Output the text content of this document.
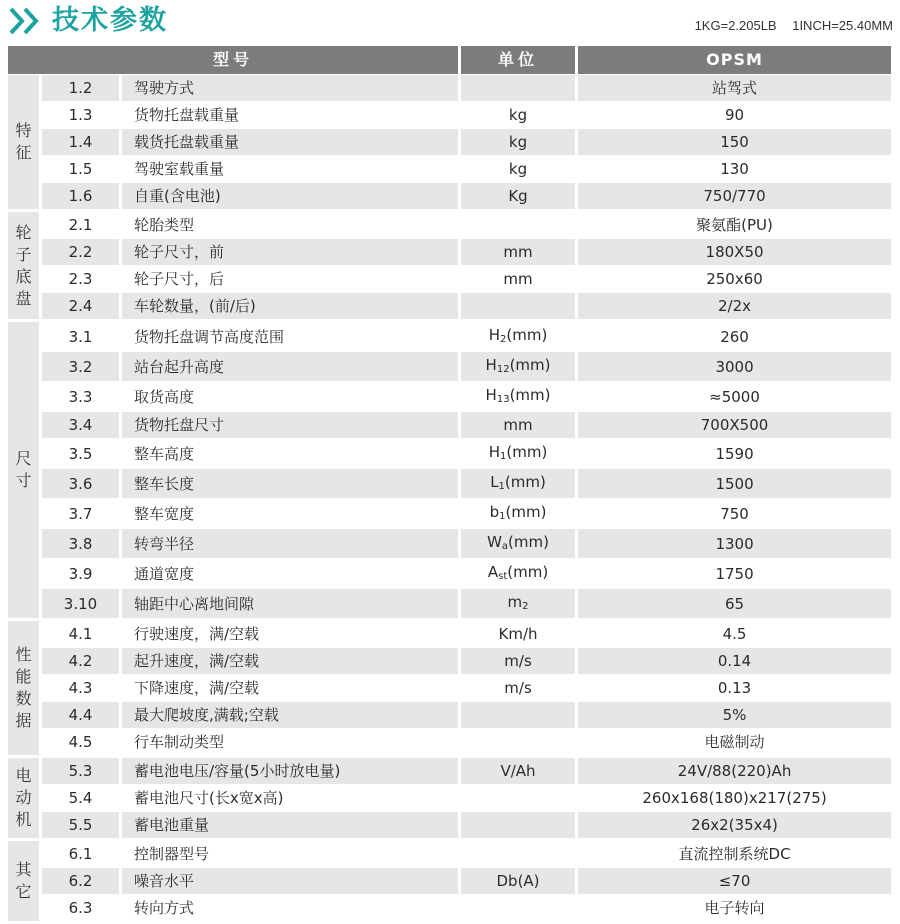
技术参数	1KG=2.205LB 1INCH=25.40MM
型号			单位	OPSM
特征	1.2	驾驶方式		站驾式
	1.3	货物托盘载重量	kg	90
	1.4	载货托盘载重量	kg	150
	1.5	驾驶室载重量	kg	130
	1.6	自重(含电池)	Kg	750/770
轮子底盘	2.1	轮胎类型		聚氨酯(PU)
	2.2	轮子尺寸，前	mm	180X50
	2.3	轮子尺寸，后	mm	250x60
	2.4	车轮数量，(前/后)		2/2x
尺寸	3.1	货物托盘调节高度范围	$H_2(mm)$	260
	3.2	站台起升高度	$H_{12}(mm)$	3000
	3.3	取货高度	$H_{13}(mm)$	≈5000
	3.4	货物托盘尺寸	mm	700X500
	3.5	整车高度	$H_1(mm)$	1590
	3.6	整车长度	$L_1(mm)$	1500
	3.7	整车宽度	$b_1(mm)$	750
	3.8	转弯半径	$W_a(mm)$	1300
	3.9	通道宽度	$A_{st}(mm)$	1750
	3.10	轴距中心离地间隙	$m_2$	65
性能数据	4.1	行驶速度，满/空载	Km/h	4.5
	4.2	起升速度，满/空载	m/s	0.14
	4.3	下降速度，满/空载	m/s	0.13
	4.4	最大爬坡度,满载;空载		5%
	4.5	行车制动类型		电磁制动
电动机	5.3	蓄电池电压/容量(5小时放电量)	V/Ah	24V/88(220)Ah
	5.4	蓄电池尺寸(长x宽x高)		260x168(180)x217(275)
	5.5	蓄电池重量		26x2(35x4)
其它	6.1	控制器型号		直流控制系统DC
	6.2	噪音水平	Db(A)	≤70
	6.3	转向方式		电子转向
